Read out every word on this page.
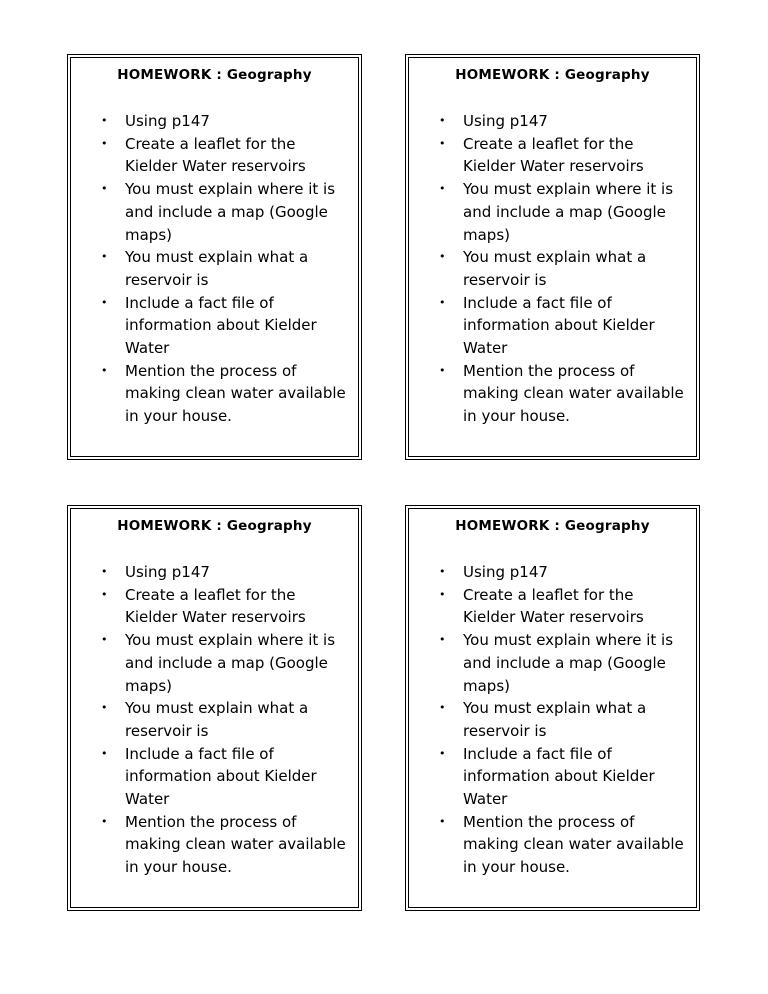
HOMEWORK : Geography
• Using p147
• Create a leaflet for the
Kielder Water reservoirs
• You must explain where it is
and include a map (Google
maps)
• You must explain what a
reservoir is
• Include a fact file of
information about Kielder
Water
• Mention the process of
making clean water available
in your house.
HOMEWORK : Geography
• Using p147
• Create a leaflet for the
Kielder Water reservoirs
• You must explain where it is
and include a map (Google
maps)
• You must explain what a
reservoir is
• Include a fact file of
information about Kielder
Water
• Mention the process of
making clean water available
in your house.
HOMEWORK : Geography
• Using p147
• Create a leaflet for the
Kielder Water reservoirs
• You must explain where it is
and include a map (Google
maps)
• You must explain what a
reservoir is
• Include a fact file of
information about Kielder
Water
• Mention the process of
making clean water available
in your house.
HOMEWORK : Geography
• Using p147
• Create a leaflet for the
Kielder Water reservoirs
• You must explain where it is
and include a map (Google
maps)
• You must explain what a
reservoir is
• Include a fact file of
information about Kielder
Water
• Mention the process of
making clean water available
in your house.
